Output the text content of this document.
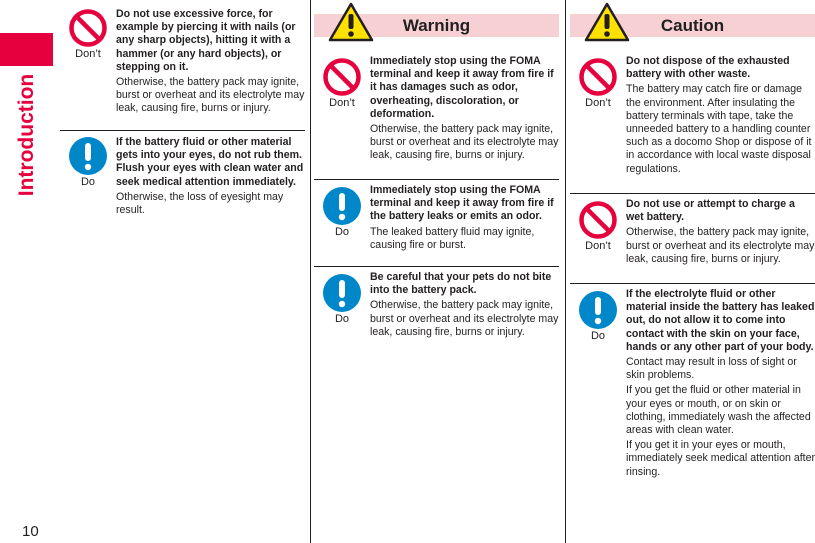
Introduction
10
Don’t
Do not use excessive force, for example by piercing it with nails (or any sharp objects), hitting it with a hammer (or any hard objects), or stepping on it.
Otherwise, the battery pack may ignite, burst or overheat and its electrolyte may leak, causing fire, burns or injury.
Do
If the battery fluid or other material gets into your eyes, do not rub them. Flush your eyes with clean water and seek medical attention immediately.
Otherwise, the loss of eyesight may result.
Warning
Don’t
Immediately stop using the FOMA terminal and keep it away from fire if it has damages such as odor, overheating, discoloration, or deformation.
Otherwise, the battery pack may ignite, burst or overheat and its electrolyte may leak, causing fire, burns or injury.
Do
Immediately stop using the FOMA terminal and keep it away from fire if the battery leaks or emits an odor.
The leaked battery fluid may ignite, causing fire or burst.
Do
Be careful that your pets do not bite into the battery pack.
Otherwise, the battery pack may ignite, burst or overheat and its electrolyte may leak, causing fire, burns or injury.
Caution
Don’t
Do not dispose of the exhausted battery with other waste.
The battery may catch fire or damage the environment. After insulating the battery terminals with tape, take the unneeded battery to a handling counter such as a docomo Shop or dispose of it in accordance with local waste disposal regulations.
Don’t
Do not use or attempt to charge a wet battery.
Otherwise, the battery pack may ignite, burst or overheat and its electrolyte may leak, causing fire, burns or injury.
Do
If the electrolyte fluid or other material inside the battery has leaked out, do not allow it to come into contact with the skin on your face, hands or any other part of your body.
Contact may result in loss of sight or skin problems.
If you get the fluid or other material in your eyes or mouth, or on skin or clothing, immediately wash the affected areas with clean water.
If you get it in your eyes or mouth, immediately seek medical attention after rinsing.
